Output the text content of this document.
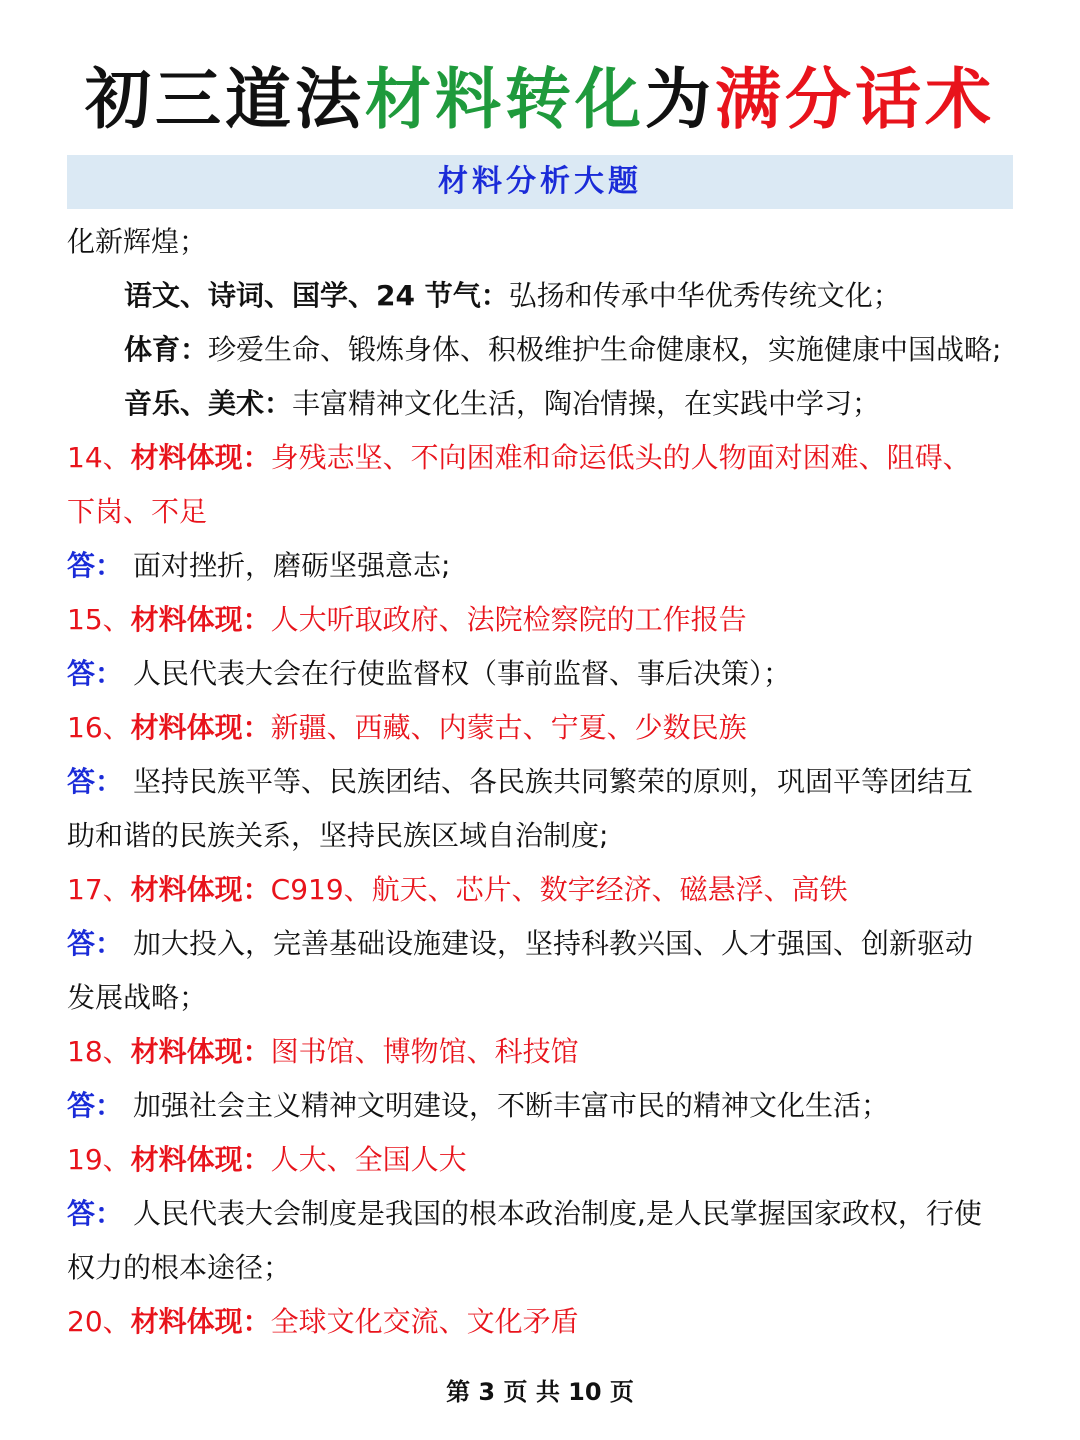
初三道法材料转化为满分话术
材料分析大题

化新辉煌；

语文、诗词、国学、24 节气：弘扬和传承中华优秀传统文化；

体育：珍爱生命、锻炼身体、积极维护生命健康权，实施健康中国战略;

音乐、美术：丰富精神文化生活，陶冶情操，在实践中学习；

14、材料体现：身残志坚、不向困难和命运低头的人物面对困难、阻碍、

下岗、不足

答： 面对挫折，磨砺坚强意志;

15、材料体现：人大听取政府、法院检察院的工作报告

答： 人民代表大会在行使监督权（事前监督、事后决策）；

16、材料体现：新疆、西藏、内蒙古、宁夏、少数民族

答： 坚持民族平等、民族团结、各民族共同繁荣的原则，巩固平等团结互

助和谐的民族关系，坚持民族区域自治制度;

17、材料体现：C919、航天、芯片、数字经济、磁悬浮、高铁

答： 加大投入，完善基础设施建设，坚持科教兴国、人才强国、创新驱动

发展战略；

18、材料体现：图书馆、博物馆、科技馆

答： 加强社会主义精神文明建设，不断丰富市民的精神文化生活；

19、材料体现：人大、全国人大

答： 人民代表大会制度是我国的根本政治制度,是人民掌握国家政权，行使

权力的根本途径；

20、材料体现：全球文化交流、文化矛盾

第 3 页 共 10 页
